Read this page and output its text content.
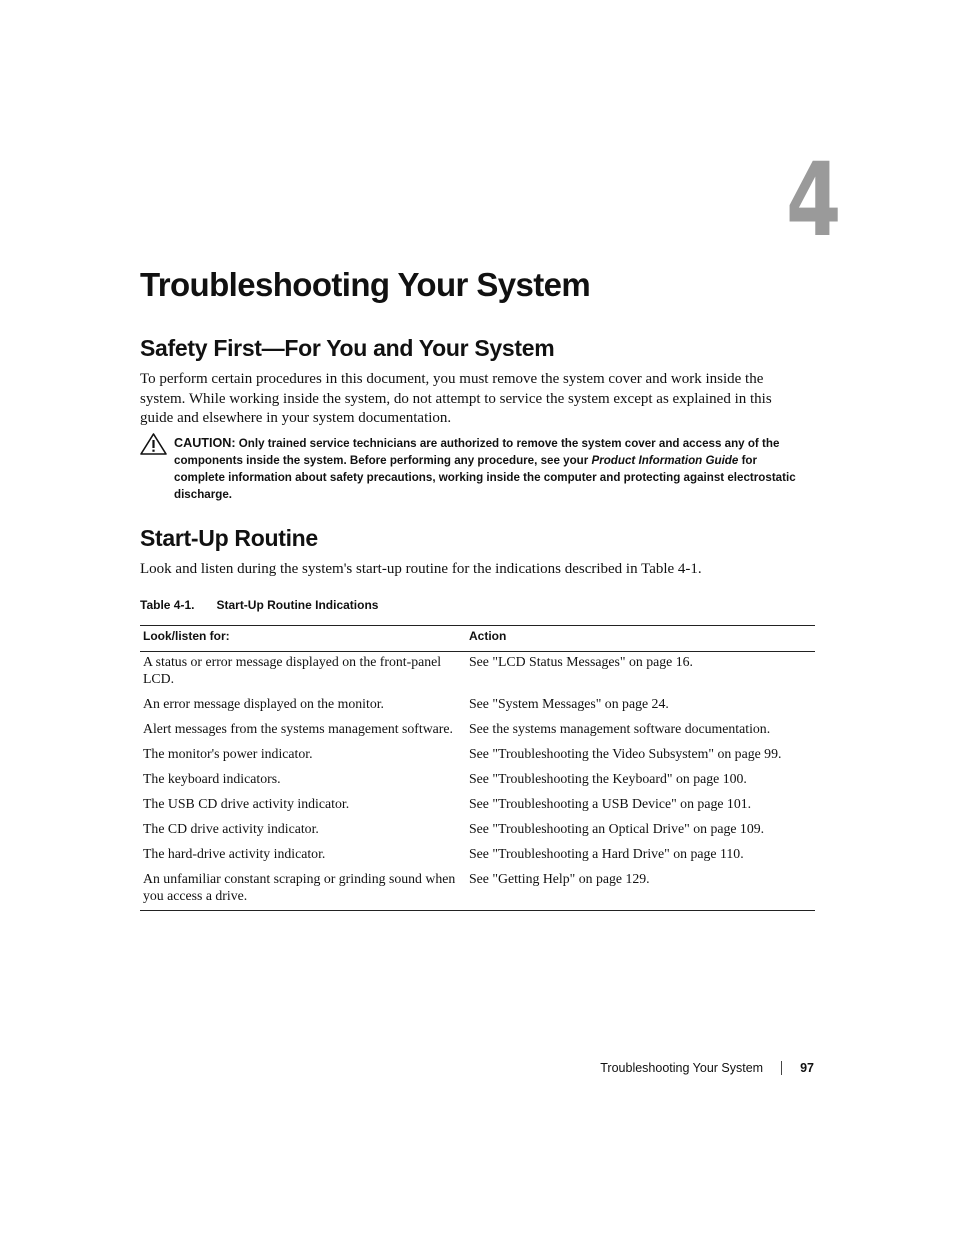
4
Troubleshooting Your System
Safety First—For You and Your System

To perform certain procedures in this document, you must remove the system cover and work inside the system. While working inside the system, do not attempt to service the system except as explained in this guide and elsewhere in your system documentation.

CAUTION: Only trained service technicians are authorized to remove the system cover and access any of the components inside the system. Before performing any procedure, see your Product Information Guide for complete information about safety precautions, working inside the computer and protecting against electrostatic discharge.

Start-Up Routine

Look and listen during the system's start-up routine for the indications described in Table 4-1.

Table 4-1. Start-Up Routine Indications

Look/listen for:	Action
A status or error message displayed on the front-panel LCD.	See "LCD Status Messages" on page 16.
An error message displayed on the monitor.	See "System Messages" on page 24.
Alert messages from the systems management software.	See the systems management software documentation.
The monitor's power indicator.	See "Troubleshooting the Video Subsystem" on page 99.
The keyboard indicators.	See "Troubleshooting the Keyboard" on page 100.
The USB CD drive activity indicator.	See "Troubleshooting a USB Device" on page 101.
The CD drive activity indicator.	See "Troubleshooting an Optical Drive" on page 109.
The hard-drive activity indicator.	See "Troubleshooting a Hard Drive" on page 110.
An unfamiliar constant scraping or grinding sound when you access a drive.	See "Getting Help" on page 129.
Troubleshooting Your System	97
